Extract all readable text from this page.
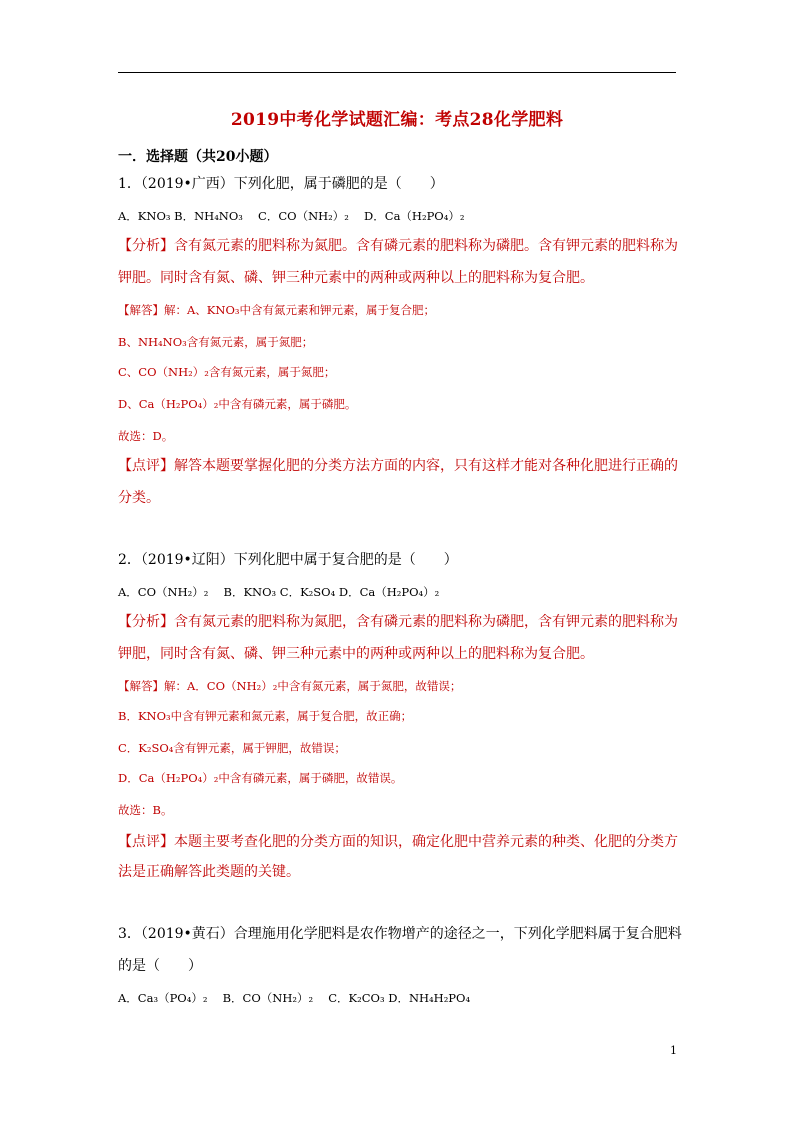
2019中考化学试题汇编：考点28化学肥料
一．选择题（共20小题）
1．（2019•广西）下列化肥，属于磷肥的是（　　）
A．KNO₃ B．NH₄NO₃　 C．CO（NH₂）₂　 D．Ca（H₂PO₄）₂
【分析】含有氮元素的肥料称为氮肥。含有磷元素的肥料称为磷肥。含有钾元素的肥料称为
钾肥。同时含有氮、磷、钾三种元素中的两种或两种以上的肥料称为复合肥。
【解答】解：A、KNO₃中含有氮元素和钾元素，属于复合肥；
B、NH₄NO₃含有氮元素，属于氮肥；
C、CO（NH₂）₂含有氮元素，属于氮肥；
D、Ca（H₂PO₄）₂中含有磷元素，属于磷肥。
故选：D。
【点评】解答本题要掌握化肥的分类方法方面的内容，只有这样才能对各种化肥进行正确的
分类。
2．（2019•辽阳）下列化肥中属于复合肥的是（　　）
A．CO（NH₂）₂　 B．KNO₃ C．K₂SO₄ D．Ca（H₂PO₄）₂
【分析】含有氮元素的肥料称为氮肥，含有磷元素的肥料称为磷肥，含有钾元素的肥料称为
钾肥，同时含有氮、磷、钾三种元素中的两种或两种以上的肥料称为复合肥。
【解答】解：A．CO（NH₂）₂中含有氮元素，属于氮肥，故错误；
B．KNO₃中含有钾元素和氮元素，属于复合肥，故正确；
C．K₂SO₄含有钾元素，属于钾肥，故错误；
D．Ca（H₂PO₄）₂中含有磷元素，属于磷肥，故错误。
故选：B。
【点评】本题主要考查化肥的分类方面的知识，确定化肥中营养元素的种类、化肥的分类方
法是正确解答此类题的关键。
3．（2019•黄石）合理施用化学肥料是农作物增产的途径之一，下列化学肥料属于复合肥料
的是（　　）
A．Ca₃（PO₄）₂　 B．CO（NH₂）₂　 C．K₂CO₃ D．NH₄H₂PO₄
1
